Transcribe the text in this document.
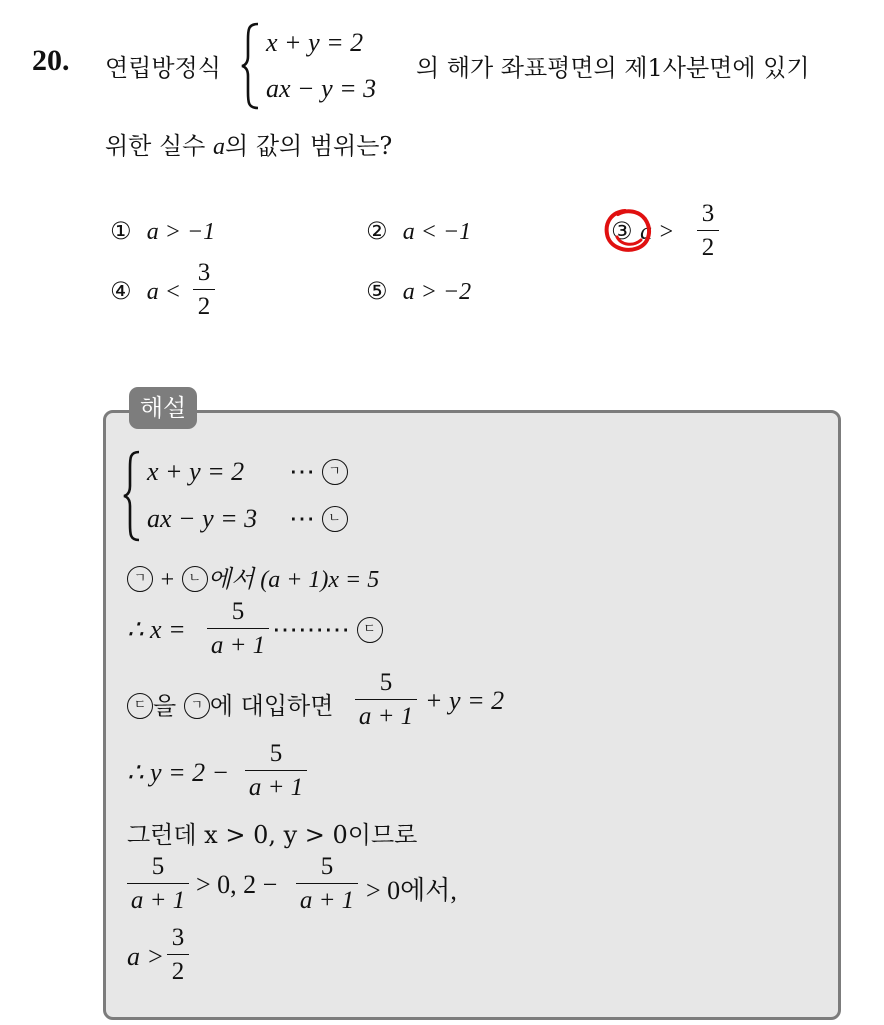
20. 연립방정식
x + y = 2
ax − y = 3
의 해가 좌표평면의 제1사분면에 있기
위한 실수 a의 값의 범위는?
① a > −1	② a < −1	③ a >
3
2
④ a <
3
2
⑤ a > −2
해설
x + y = 2 ⋯ ㄱ
ax − y = 3 ⋯ ㄴ
ㄱ + ㄴ 에서 (a + 1)x = 5
∴ x =
5
a + 1
⋯⋯⋯ ㄷ
ㄷ 을 ㄱ 에 대입하면
5
a + 1
+ y = 2
∴ y = 2 −
5
a + 1
그런데 x > 0, y > 0이므로
5
a + 1
> 0, 2 −
5
a + 1 > 0에서,
a >
3
2
